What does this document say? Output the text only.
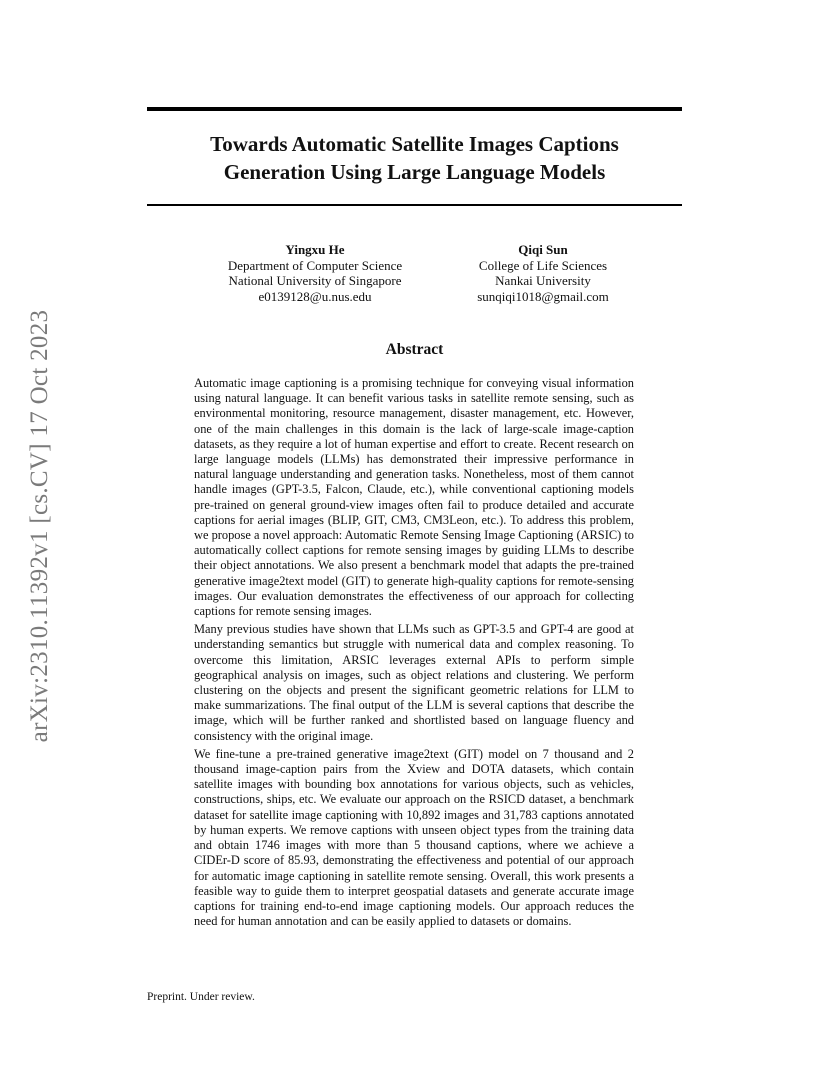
Towards Automatic Satellite Images Captions
Generation Using Large Language Models
Yingxu He
Department of Computer Science
National University of Singapore
e0139128@u.nus.edu
Qiqi Sun
College of Life Sciences
Nankai University
sunqiqi1018@gmail.com
Abstract

Automatic image captioning is a promising technique for conveying visual information using natural language. It can benefit various tasks in satellite remote sensing, such as environmental monitoring, resource management, disaster management, etc. However, one of the main challenges in this domain is the lack of large-scale image-caption datasets, as they require a lot of human expertise and effort to create. Recent research on large language models (LLMs) has demonstrated their impressive performance in natural language understanding and generation tasks. Nonetheless, most of them cannot handle images (GPT-3.5, Falcon, Claude, etc.), while conventional captioning models pre-trained on general ground-view images often fail to produce detailed and accurate captions for aerial images (BLIP, GIT, CM3, CM3Leon, etc.). To address this problem, we propose a novel approach: Automatic Remote Sensing Image Captioning (ARSIC) to automatically collect captions for remote sensing images by guiding LLMs to describe their object annotations. We also present a benchmark model that adapts the pre-trained generative image2text model (GIT) to generate high-quality captions for remote-sensing images. Our evaluation demonstrates the effectiveness of our approach for collecting captions for remote sensing images.

Many previous studies have shown that LLMs such as GPT-3.5 and GPT-4 are good at understanding semantics but struggle with numerical data and complex reasoning. To overcome this limitation, ARSIC leverages external APIs to perform simple geographical analysis on images, such as object relations and clustering. We perform clustering on the objects and present the significant geometric relations for LLM to make summarizations. The final output of the LLM is several captions that describe the image, which will be further ranked and shortlisted based on language fluency and consistency with the original image.

We fine-tune a pre-trained generative image2text (GIT) model on 7 thousand and 2 thousand image-caption pairs from the Xview and DOTA datasets, which contain satellite images with bounding box annotations for various objects, such as vehicles, constructions, ships, etc. We evaluate our approach on the RSICD dataset, a benchmark dataset for satellite image captioning with 10,892 images and 31,783 captions annotated by human experts. We remove captions with unseen object types from the training data and obtain 1746 images with more than 5 thousand captions, where we achieve a CIDEr-D score of 85.93, demonstrating the effectiveness and potential of our approach for automatic image captioning in satellite remote sensing. Overall, this work presents a feasible way to guide them to interpret geospatial datasets and generate accurate image captions for training end-to-end image captioning models. Our approach reduces the need for human annotation and can be easily applied to datasets or domains.

arXiv:2310.11392v1 [cs.CV] 17 Oct 2023
Preprint. Under review.
